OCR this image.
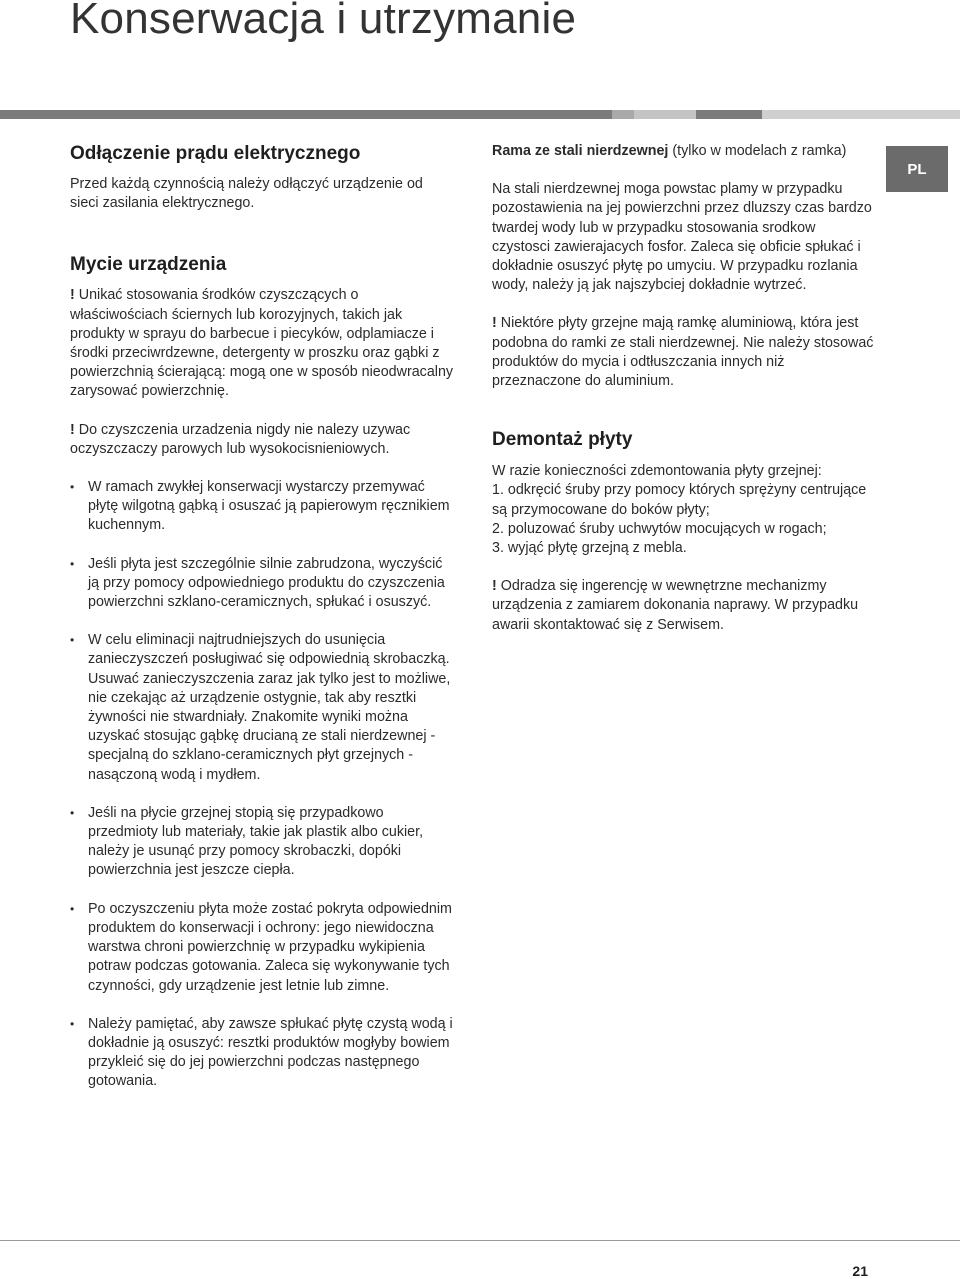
Konserwacja i utrzymanie
PL
Odłączenie prądu elektrycznego

Przed każdą czynnością należy odłączyć urządzenie od sieci zasilania elektrycznego.

Mycie urządzenia

! Unikać stosowania środków czyszczących o właściwościach ściernych lub korozyjnych, takich jak produkty w sprayu do barbecue i piecyków, odplamiacze i środki przeciwrdzewne, detergenty w proszku oraz gąbki z powierzchnią ścierającą: mogą one w sposób nieodwracalny zarysować powierzchnię.

! Do czyszczenia urzadzenia nigdy nie nalezy uzywac oczyszczaczy parowych lub wysokocisnieniowych.

• W ramach zwykłej konserwacji wystarczy przemywać płytę wilgotną gąbką i osuszać ją papierowym ręcznikiem kuchennym.
• Jeśli płyta jest szczególnie silnie zabrudzona, wyczyścić ją przy pomocy odpowiedniego produktu do czyszczenia powierzchni szklano-ceramicznych, spłukać i osuszyć.
• W celu eliminacji najtrudniejszych do usunięcia zanieczyszczeń posługiwać się odpowiednią skrobaczką. Usuwać zanieczyszczenia zaraz jak tylko jest to możliwe, nie czekając aż urządzenie ostygnie, tak aby resztki żywności nie stwardniały. Znakomite wyniki można uzyskać stosując gąbkę drucianą ze stali nierdzewnej - specjalną do szklano-ceramicznych płyt grzejnych - nasączoną wodą i mydłem.
• Jeśli na płycie grzejnej stopią się przypadkowo przedmioty lub materiały, takie jak plastik albo cukier, należy je usunąć przy pomocy skrobaczki, dopóki powierzchnia jest jeszcze ciepła.
• Po oczyszczeniu płyta może zostać pokryta odpowiednim produktem do konserwacji i ochrony: jego niewidoczna warstwa chroni powierzchnię w przypadku wykipienia potraw podczas gotowania. Zaleca się wykonywanie tych czynności, gdy urządzenie jest letnie lub zimne.
• Należy pamiętać, aby zawsze spłukać płytę czystą wodą i dokładnie ją osuszyć: resztki produktów mogłyby bowiem przykleić się do jej powierzchni podczas następnego gotowania.

Rama ze stali nierdzewnej (tylko w modelach z ramka)

Na stali nierdzewnej moga powstac plamy w przypadku pozostawienia na jej powierzchni przez dluzszy czas bardzo twardej wody lub w przypadku stosowania srodkow czystosci zawierajacych fosfor. Zaleca się obficie spłukać i dokładnie osuszyć płytę po umyciu. W przypadku rozlania wody, należy ją jak najszybciej dokładnie wytrzeć.

! Niektóre płyty grzejne mają ramkę aluminiową, która jest podobna do ramki ze stali nierdzewnej. Nie należy stosować produktów do mycia i odtłuszczania innych niż przeznaczone do aluminium.

Demontaż płyty

W razie konieczności zdemontowania płyty grzejnej:

1. odkręcić śruby przy pomocy których sprężyny centrujące są przymocowane do boków płyty;

2. poluzować śruby uchwytów mocujących w rogach;

3. wyjąć płytę grzejną z mebla.

! Odradza się ingerencję w wewnętrzne mechanizmy urządzenia z zamiarem dokonania naprawy. W przypadku awarii skontaktować się z Serwisem.

21
